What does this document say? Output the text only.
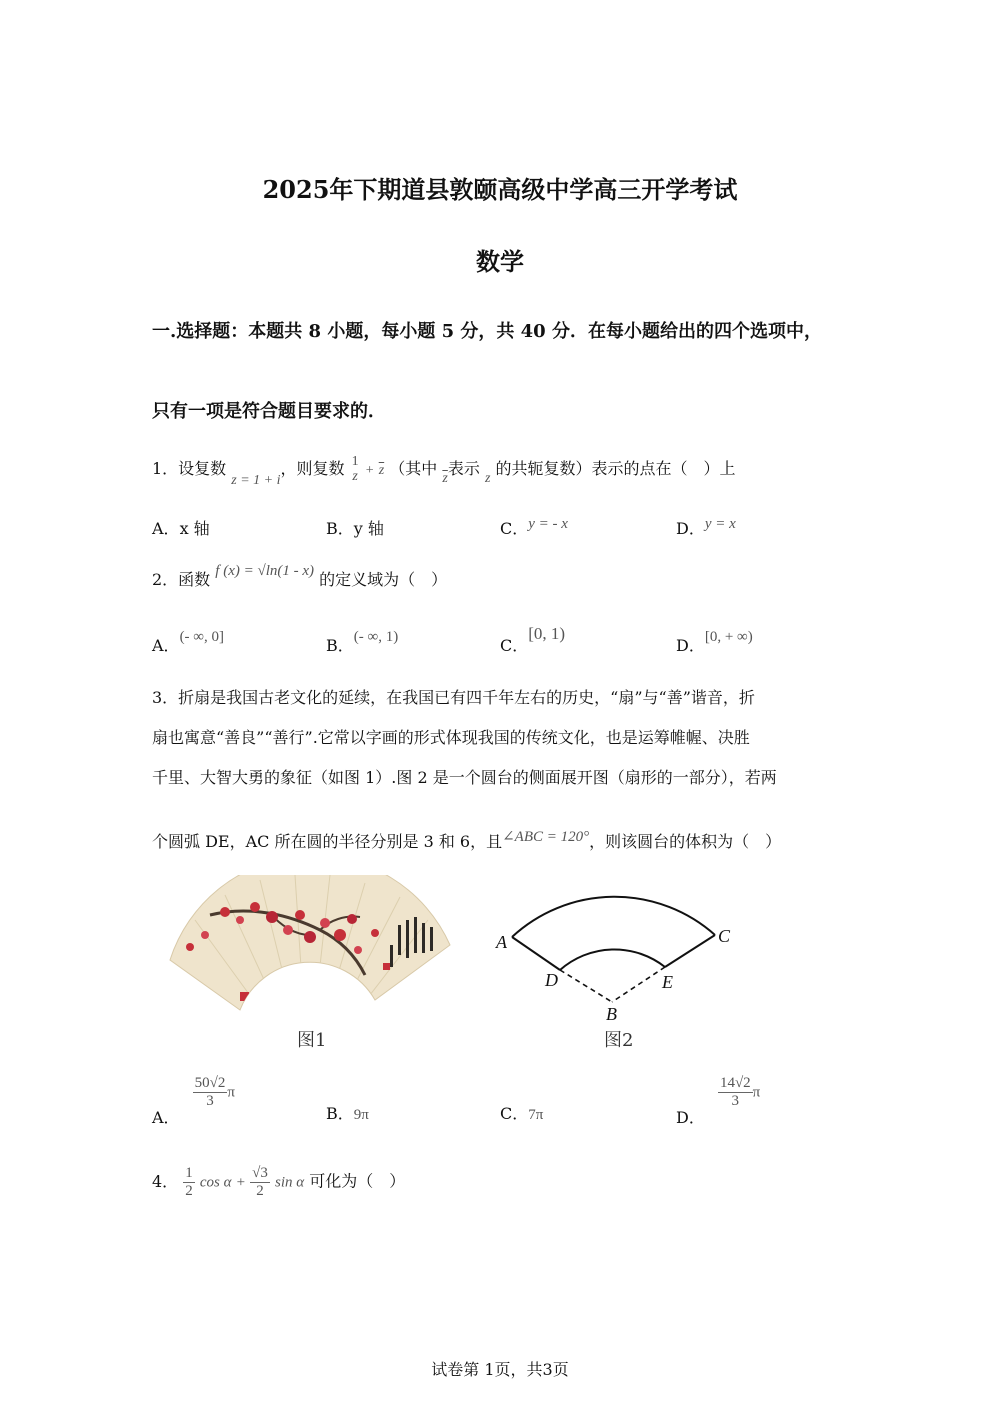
2025年下期道县敦颐高级中学高三开学考试
数学
一.选择题：本题共 8 小题，每小题 5 分，共 40 分．在每小题给出的四个选项中，
只有一项是符合题目要求的．
1．设复数 z = 1 + i，则复数 1
$z + \overline{z}$ （其中 $\overline{z}$表示 z 的共轭复数）表示的点在（　）上
A．x 轴	B．y 轴	C．y = - x	D．y = x
2．函数 f (x) = √ln(1 - x) 的定义域为（　）
A．(- ∞, 0]	B．(- ∞, 1)	C．[0, 1)
D．[0, + ∞)
3．折扇是我国古老文化的延续，在我国已有四千年左右的历史，“扇”与“善”谐音，折
扇也寓意“善良”“善行”.它常以字画的形式体现我国的传统文化，也是运筹帷幄、决胜
千里、大智大勇的象征（如图 1）.图 2 是一个圆台的侧面展开图（扇形的一部分），若两
个圆弧 DE，AC 所在圆的半径分别是 3 和 6，且∠ABC = 120°，则该圆台的体积为（　）
图1
A	C
D	E
B
图2
A．
$\frac{50√2}{3}$ π
B．9π	C．7π	D．
$\frac{14√2}{3}$ π
4． $\frac{1}{2}$ $\cos \alpha + \frac{√3}{2}$ sin α 可化为（　）
试卷第 1页，共3页
